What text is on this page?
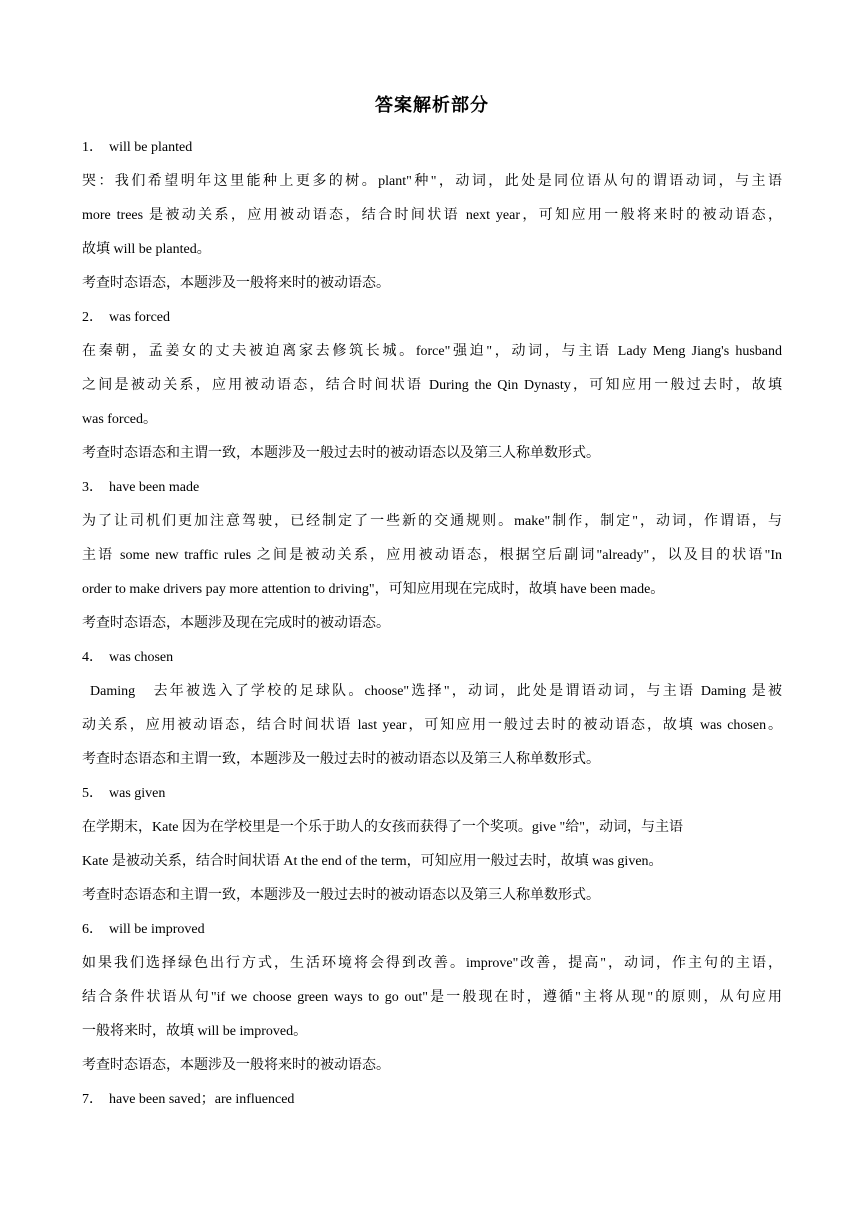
答案解析部分
1． will be planted
哭：我们希望明年这里能种上更多的树。plant"种"，动词，此处是同位语从句的谓语动词，与主语
more trees 是被动关系，应用被动语态，结合时间状语 next year，可知应用一般将来时的被动语态，
故填 will be planted。
考查时态语态，本题涉及一般将来时的被动语态。
2． was forced
在秦朝，孟姜女的丈夫被迫离家去修筑长城。force"强迫"，动词，与主语 Lady Meng Jiang's husband
之间是被动关系，应用被动语态，结合时间状语 During the Qin Dynasty，可知应用一般过去时，故填
was forced。
考查时态语态和主谓一致，本题涉及一般过去时的被动语态以及第三人称单数形式。
3． have been made
为了让司机们更加注意驾驶，已经制定了一些新的交通规则。make"制作，制定"，动词，作谓语，与
主语 some new traffic rules 之间是被动关系，应用被动语态，根据空后副词"already"，以及目的状语"In
order to make drivers pay more attention to driving"，可知应用现在完成时，故填 have been made。
考查时态语态，本题涉及现在完成时的被动语态。
4． was chosen
Daming　去年被选入了学校的足球队。choose"选择"，动词，此处是谓语动词，与主语 Daming 是被
动关系，应用被动语态，结合时间状语 last year，可知应用一般过去时的被动语态，故填 was chosen。
考查时态语态和主谓一致，本题涉及一般过去时的被动语态以及第三人称单数形式。
5． was given
在学期末，Kate 因为在学校里是一个乐于助人的女孩而获得了一个奖项。give "给"，动词，与主语
Kate 是被动关系，结合时间状语 At the end of the term，可知应用一般过去时，故填 was given。
考查时态语态和主谓一致，本题涉及一般过去时的被动语态以及第三人称单数形式。
6． will be improved
如果我们选择绿色出行方式，生活环境将会得到改善。improve"改善，提高"，动词，作主句的主语，
结合条件状语从句"if we choose green ways to go out"是一般现在时，遵循"主将从现"的原则，从句应用
一般将来时，故填 will be improved。
考查时态语态，本题涉及一般将来时的被动语态。
7． have been saved；are influenced
